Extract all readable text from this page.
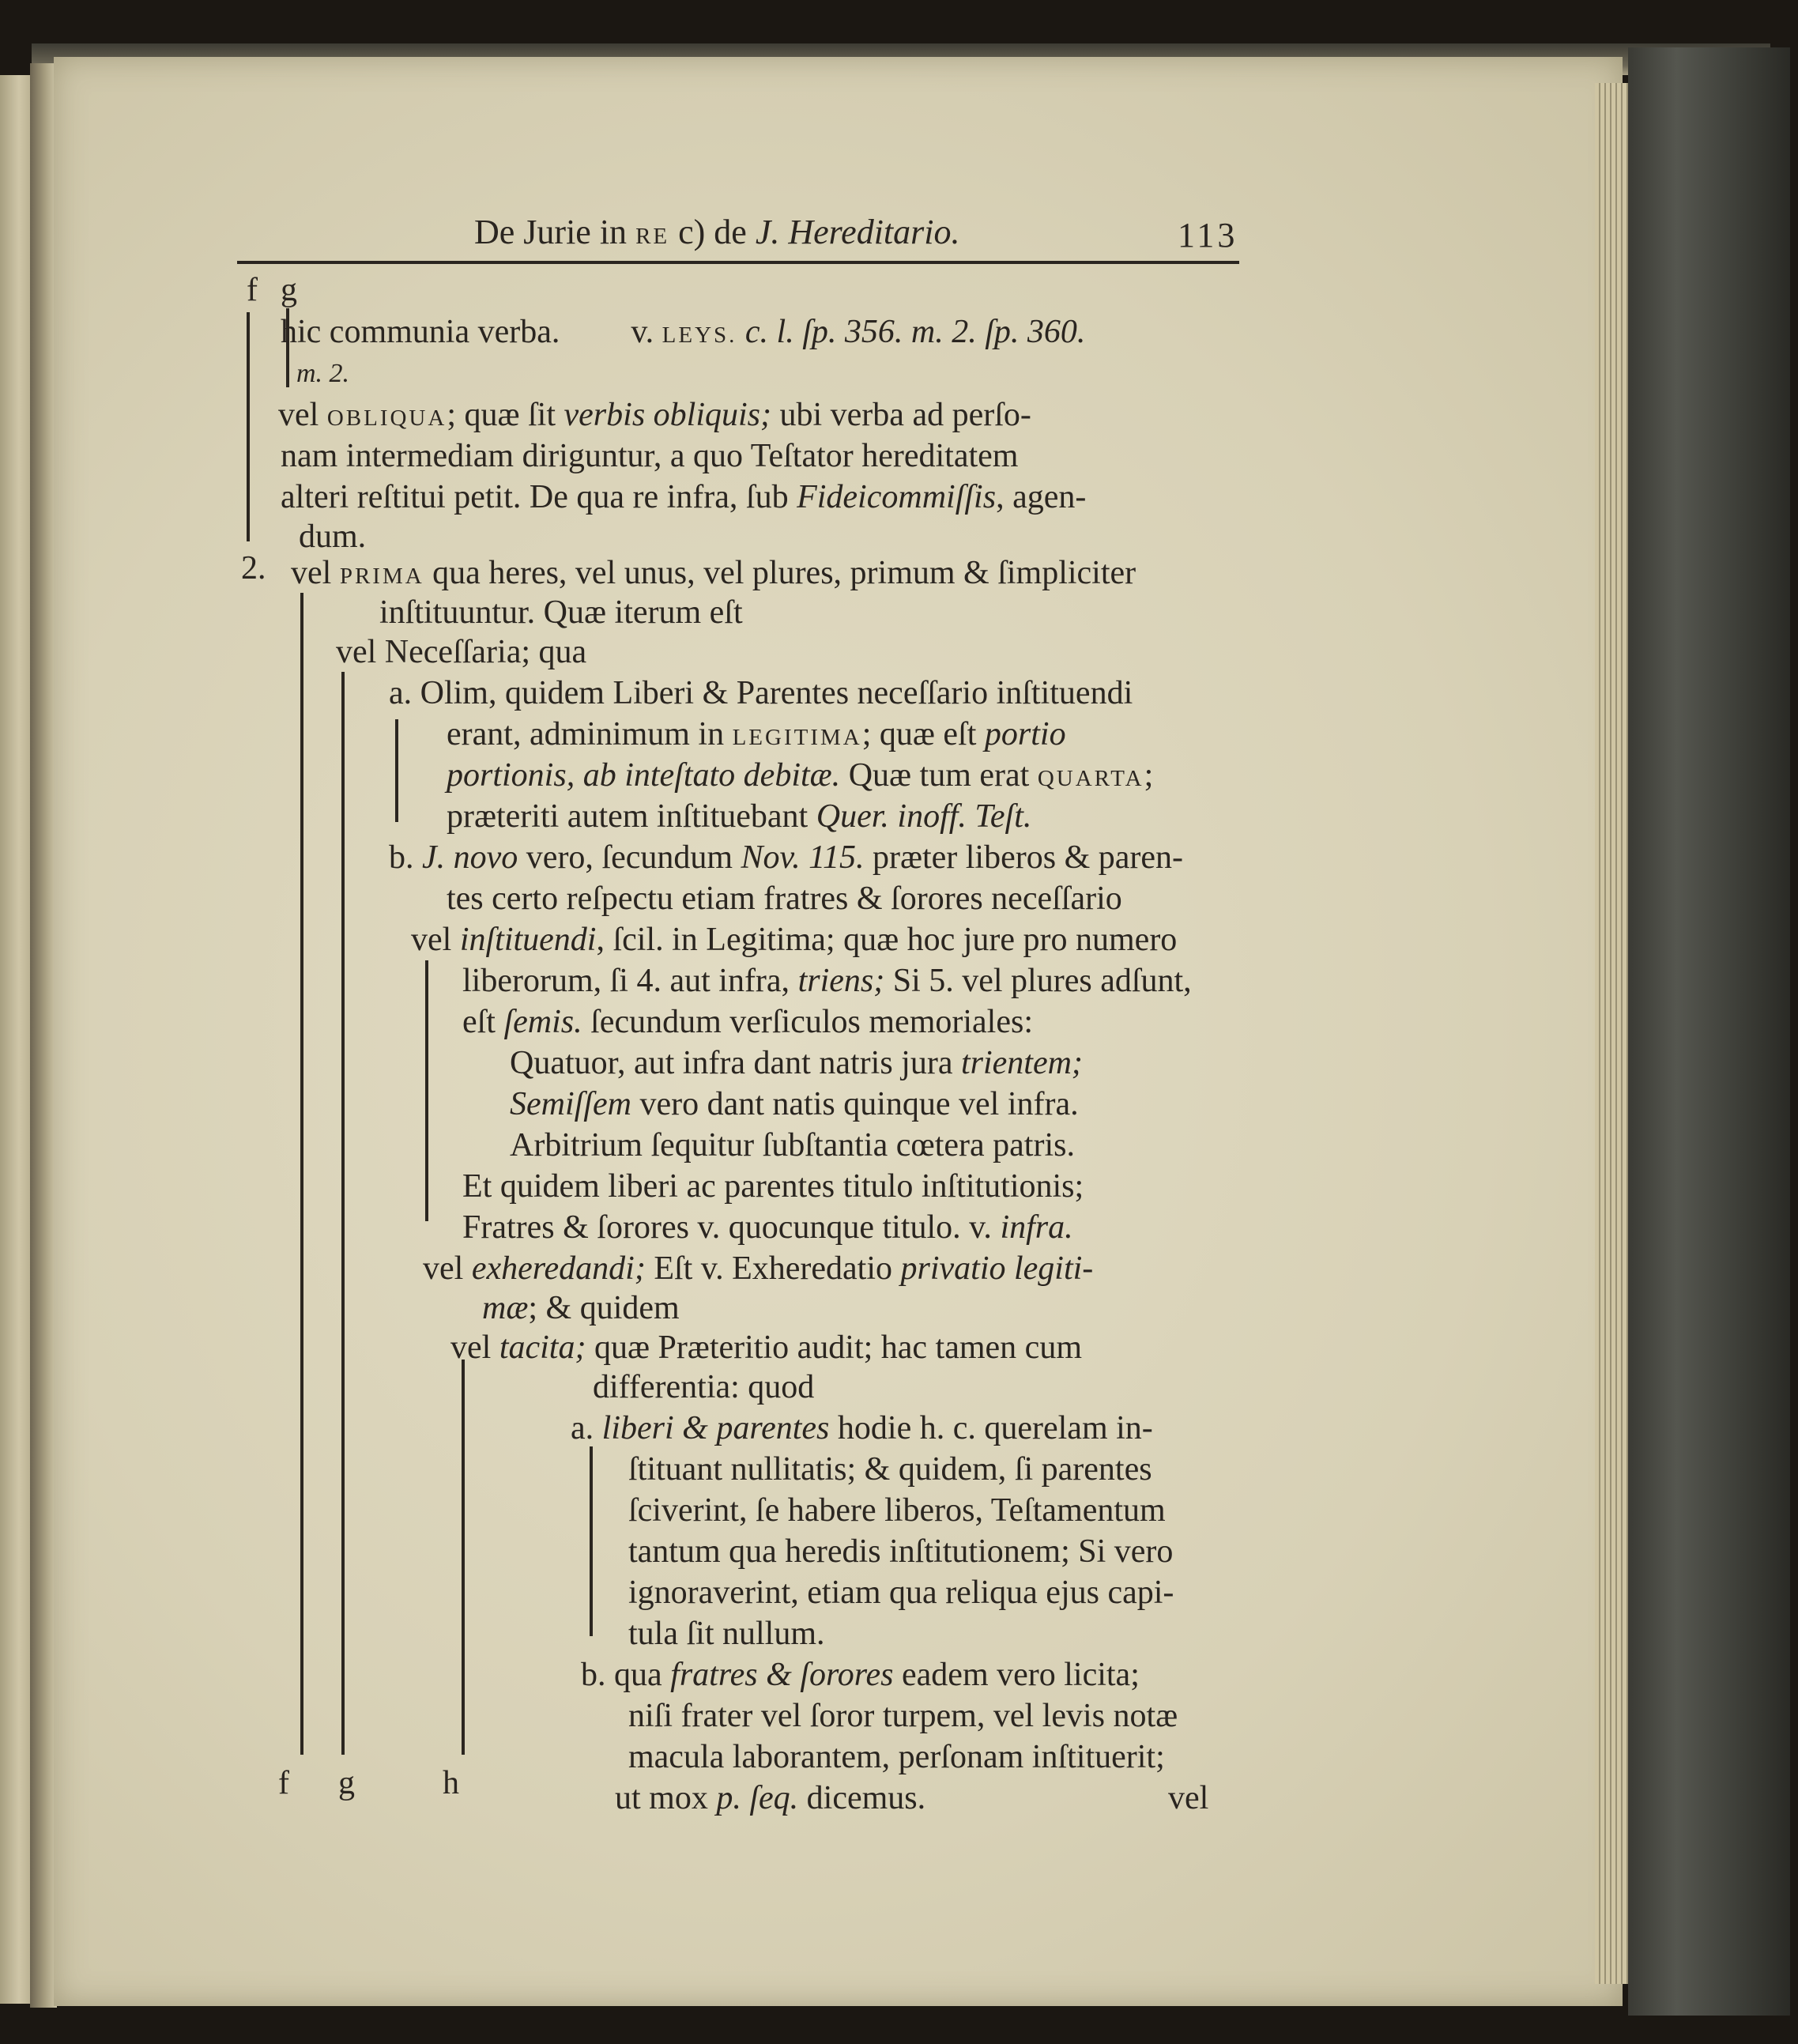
De Jurie in RE c) de J. Hereditario.	113
f g
2.
f g	h
hic communia verba. v. LEYS. c. l. ſp. 356. m. 2. ſp. 360.
m. 2.
vel OBLIQUA; quæ ſit verbis obliquis; ubi verba ad perſo-
nam intermediam diriguntur, a quo Teſtator hereditatem
alteri reſtitui petit. De qua re infra, ſub Fideicommiſſis, agen-
dum.
vel PRIMA qua heres, vel unus, vel plures, primum & ſimpliciter
inſtituuntur. Quæ iterum eſt
vel Neceſſaria; qua
a. Olim, quidem Liberi & Parentes neceſſario inſtituendi
erant, adminimum in LEGITIMA; quæ eſt portio
portionis, ab inteſtato debitæ. Quæ tum erat QUARTA;
præteriti autem inſtituebant Quer. inoff. Teſt.
b. J. novo vero, ſecundum Nov. 115. præter liberos & paren-
tes certo reſpectu etiam fratres & ſorores neceſſario
vel inſtituendi, ſcil. in Legitima; quæ hoc jure pro numero
liberorum, ſi 4. aut infra, triens; Si 5. vel plures adſunt,
eſt ſemis. ſecundum verſiculos memoriales:
Quatuor, aut infra dant natris jura trientem;
Semiſſem vero dant natis quinque vel infra.
Arbitrium ſequitur ſubſtantia cœtera patris.
Et quidem liberi ac parentes titulo inſtitutionis;
Fratres & ſorores v. quocunque titulo. v. infra.
vel exheredandi; Eſt v. Exheredatio privatio legiti-
mæ; & quidem
vel tacita; quæ Præteritio audit; hac tamen cum
differentia: quod
a. liberi & parentes hodie h. c. querelam in-
ſtituant nullitatis; & quidem, ſi parentes
ſciverint, ſe habere liberos, Teſtamentum
tantum qua heredis inſtitutionem; Si vero
ignoraverint, etiam qua reliqua ejus capi-
tula ſit nullum.
b. qua fratres & ſorores eadem vero licita;
niſi frater vel ſoror turpem, vel levis notæ
macula laborantem, perſonam inſtituerit;
ut mox p. ſeq. dicemus.	vel
